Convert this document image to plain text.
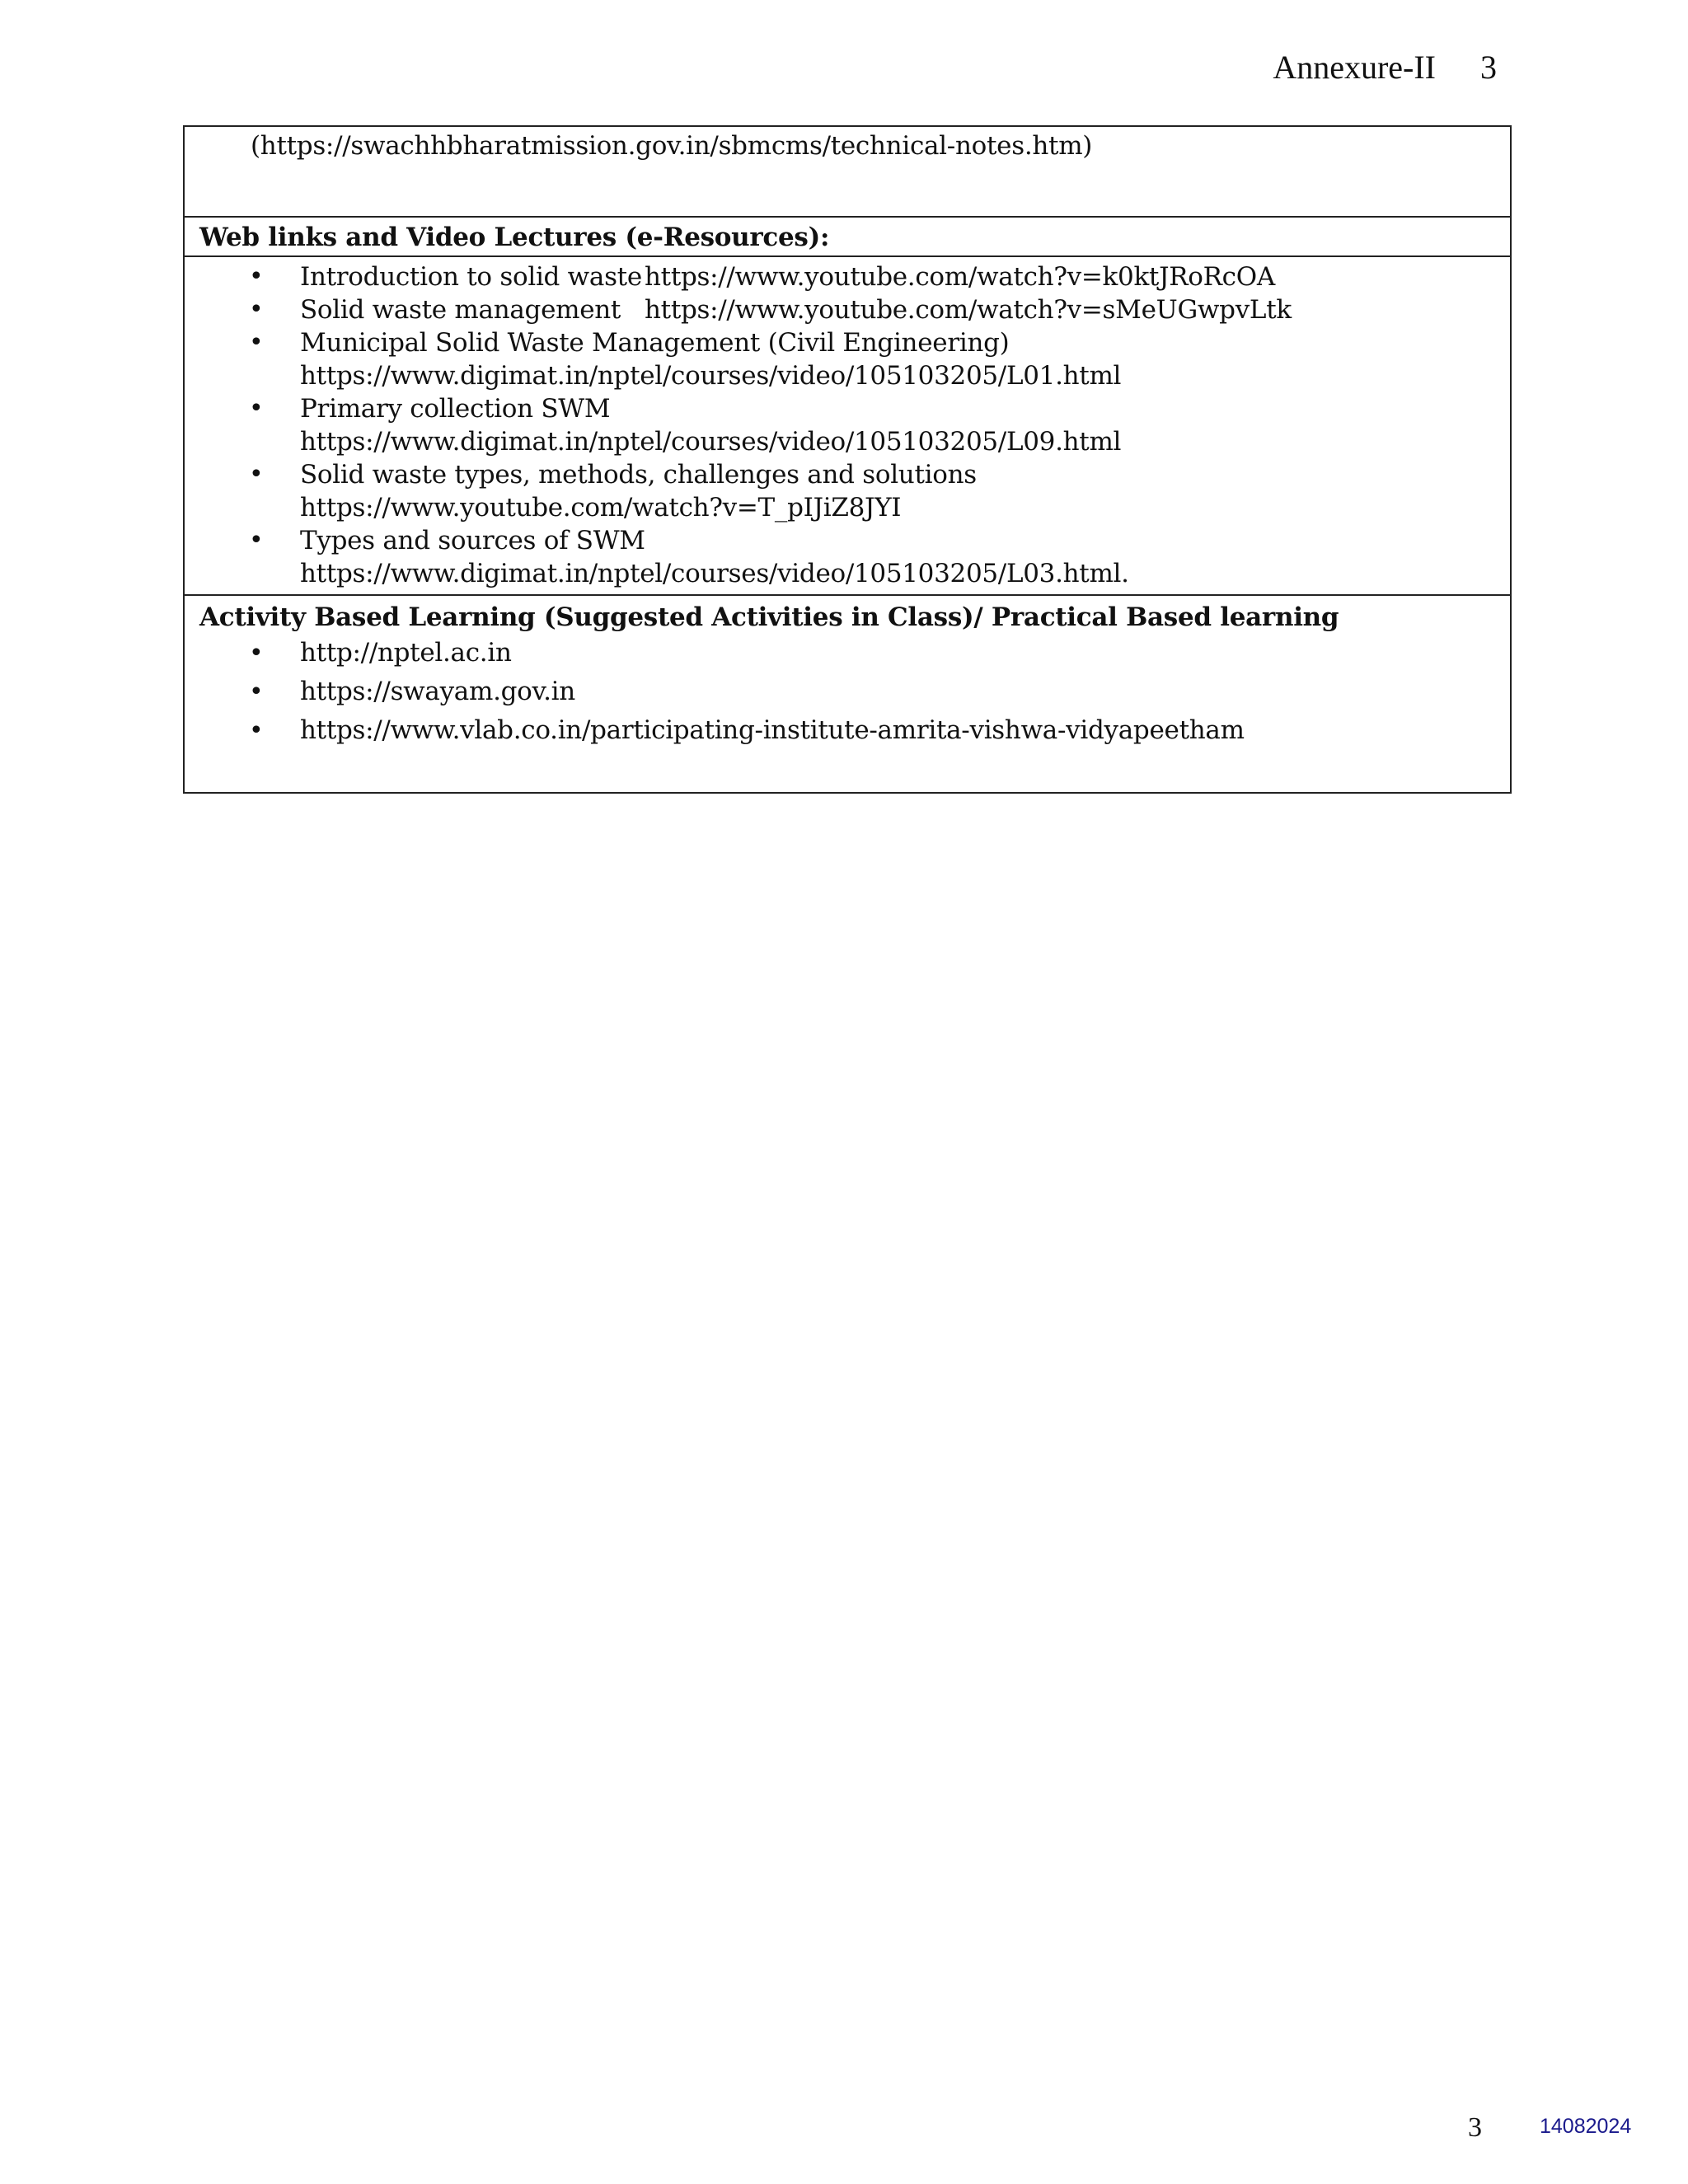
Annexure-II 3
(https://swachhbharatmission.gov.in/sbmcms/technical-notes.htm)
Web links and Video Lectures (e-Resources):
• Introduction to solid waste https://www.youtube.com/watch?v=k0ktJRoRcOA
• Solid waste management https://www.youtube.com/watch?v=sMeUGwpvLtk
• Municipal Solid Waste Management (Civil Engineering)
https://www.digimat.in/nptel/courses/video/105103205/L01.html
• Primary collection SWM
https://www.digimat.in/nptel/courses/video/105103205/L09.html
• Solid waste types, methods, challenges and solutions
https://www.youtube.com/watch?v=T_pIJiZ8JYI
• Types and sources of SWM
https://www.digimat.in/nptel/courses/video/105103205/L03.html.
Activity Based Learning (Suggested Activities in Class)/ Practical Based learning
• http://nptel.ac.in
• https://swayam.gov.in
• https://www.vlab.co.in/participating-institute-amrita-vishwa-vidyapeetham
3	14082024
